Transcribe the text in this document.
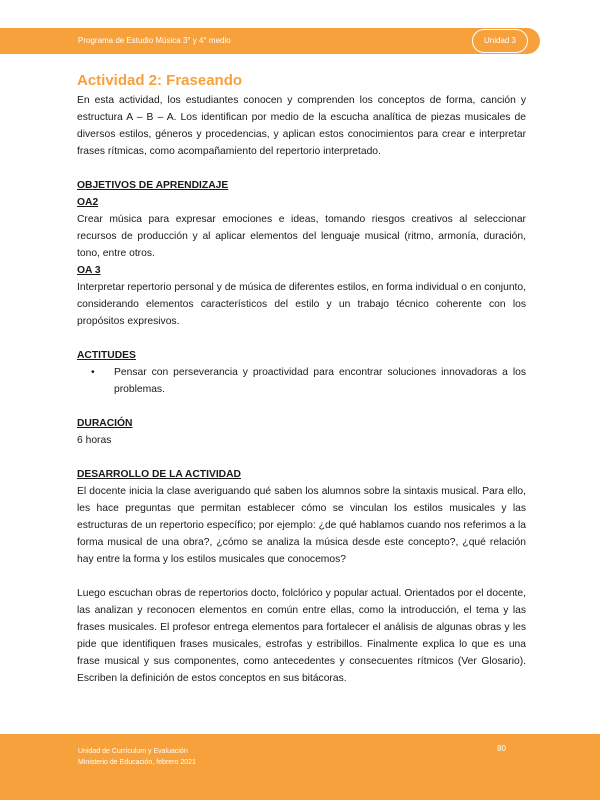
Programa de Estudio Música 3° y 4° medio	Unidad 3
Actividad 2: Fraseando

En esta actividad, los estudiantes conocen y comprenden los conceptos de forma, canción y estructura A – B – A. Los identifican por medio de la escucha analítica de piezas musicales de diversos estilos, géneros y procedencias, y aplican estos conocimientos para crear e interpretar frases rítmicas, como acompañamiento del repertorio interpretado.

OBJETIVOS DE APRENDIZAJE
OA2

Crear música para expresar emociones e ideas, tomando riesgos creativos al seleccionar recursos de producción y al aplicar elementos del lenguaje musical (ritmo, armonía, duración, tono, entre otros.

OA 3

Interpretar repertorio personal y de música de diferentes estilos, en forma individual o en conjunto, considerando elementos característicos del estilo y un trabajo técnico coherente con los propósitos expresivos.

ACTITUDES
• Pensar con perseverancia y proactividad para encontrar soluciones innovadoras a los problemas.
DURACIÓN

6 horas

DESARROLLO DE LA ACTIVIDAD

El docente inicia la clase averiguando qué saben los alumnos sobre la sintaxis musical. Para ello, les hace preguntas que permitan establecer cómo se vinculan los estilos musicales y las estructuras de un repertorio específico; por ejemplo: ¿de qué hablamos cuando nos referimos a la forma musical de una obra?, ¿cómo se analiza la música desde este concepto?, ¿qué relación hay entre la forma y los estilos musicales que conocemos?

Luego escuchan obras de repertorios docto, folclórico y popular actual. Orientados por el docente, las analizan y reconocen elementos en común entre ellas, como la introducción, el tema y las frases musicales. El profesor entrega elementos para fortalecer el análisis de algunas obras y les pide que identifiquen frases musicales, estrofas y estribillos. Finalmente explica lo que es una frase musical y sus componentes, como antecedentes y consecuentes rítmicos (Ver Glosario). Escriben la definición de estos conceptos en sus bitácoras.

Unidad de Currículum y Evaluación
Ministerio de Educación, febrero 2021
80
